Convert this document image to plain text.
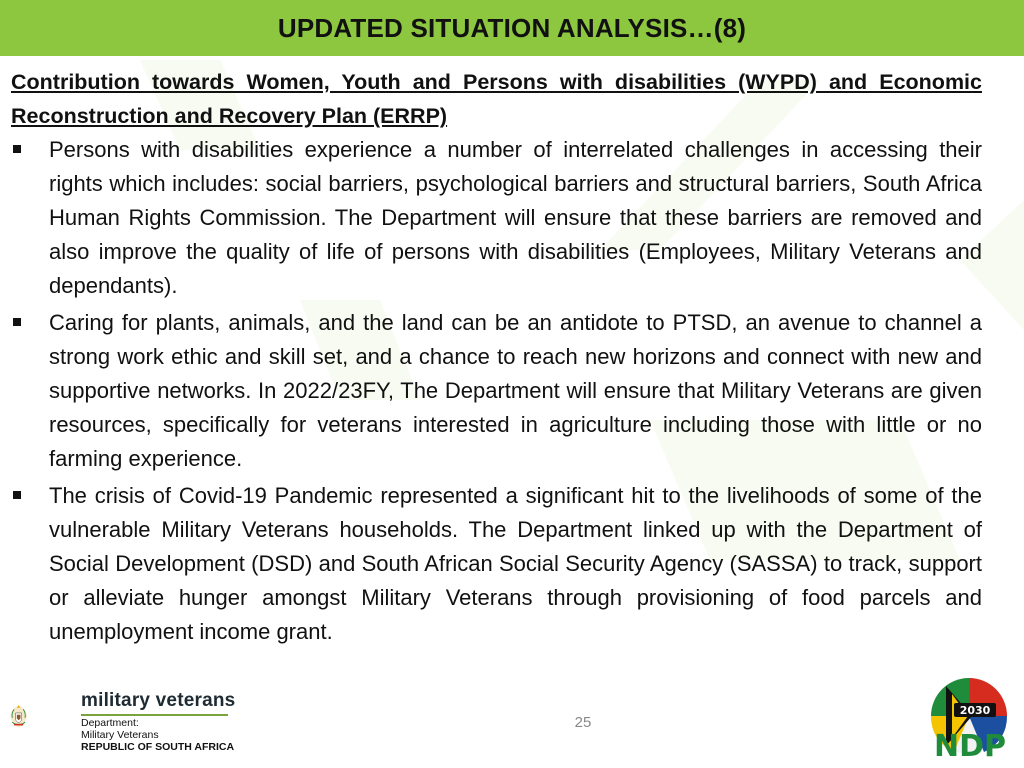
UPDATED SITUATION ANALYSIS…(8)

Contribution towards Women, Youth and Persons with disabilities (WYPD) and Economic Reconstruction and Recovery Plan (ERRP)

Persons with disabilities experience a number of interrelated challenges in accessing their rights which includes: social barriers, psychological barriers and structural barriers, South Africa Human Rights Commission. The Department will ensure that these barriers are removed and also improve the quality of life of persons with disabilities (Employees, Military Veterans and dependants).
Caring for plants, animals, and the land can be an antidote to PTSD, an avenue to channel a strong work ethic and skill set, and a chance to reach new horizons and connect with new and supportive networks. In 2022/23FY, The Department will ensure that Military Veterans are given resources, specifically for veterans interested in agriculture including those with little or no farming experience.
The crisis of Covid-19 Pandemic represented a significant hit to the livelihoods of some of the vulnerable Military Veterans households. The Department linked up with the Department of Social Development (DSD) and South African Social Security Agency (SASSA) to track, support or alleviate hunger amongst Military Veterans through provisioning of food parcels and unemployment income grant.
military veterans
Department:
Military Veterans
REPUBLIC OF SOUTH AFRICA
25
2030
NDP
